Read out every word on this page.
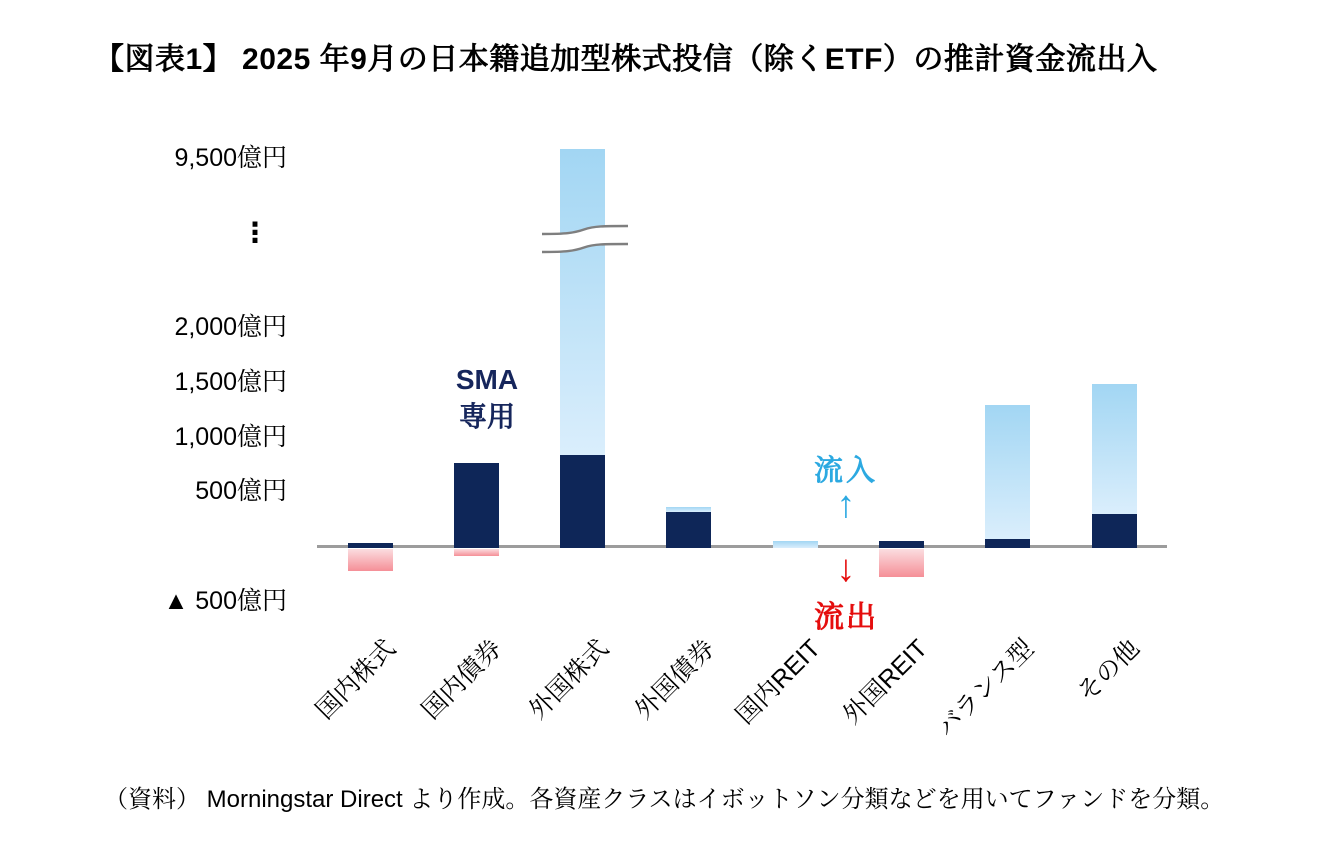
【図表1】 2025 年9月の日本籍追加型株式投信（除くETF）の推計資金流出入
9,500億円
⋮
2,000億円
1,500億円
1,000億円
500億円
▲ 500億円
SMA
専用
流入
↑
↓
流出
国内株式 国内債券 外国株式 外国債券 国内REIT 外国REIT
バランス型 その他

（資料） Morningstar Direct より作成。各資産クラスはイボットソン分類などを用いてファンドを分類。
